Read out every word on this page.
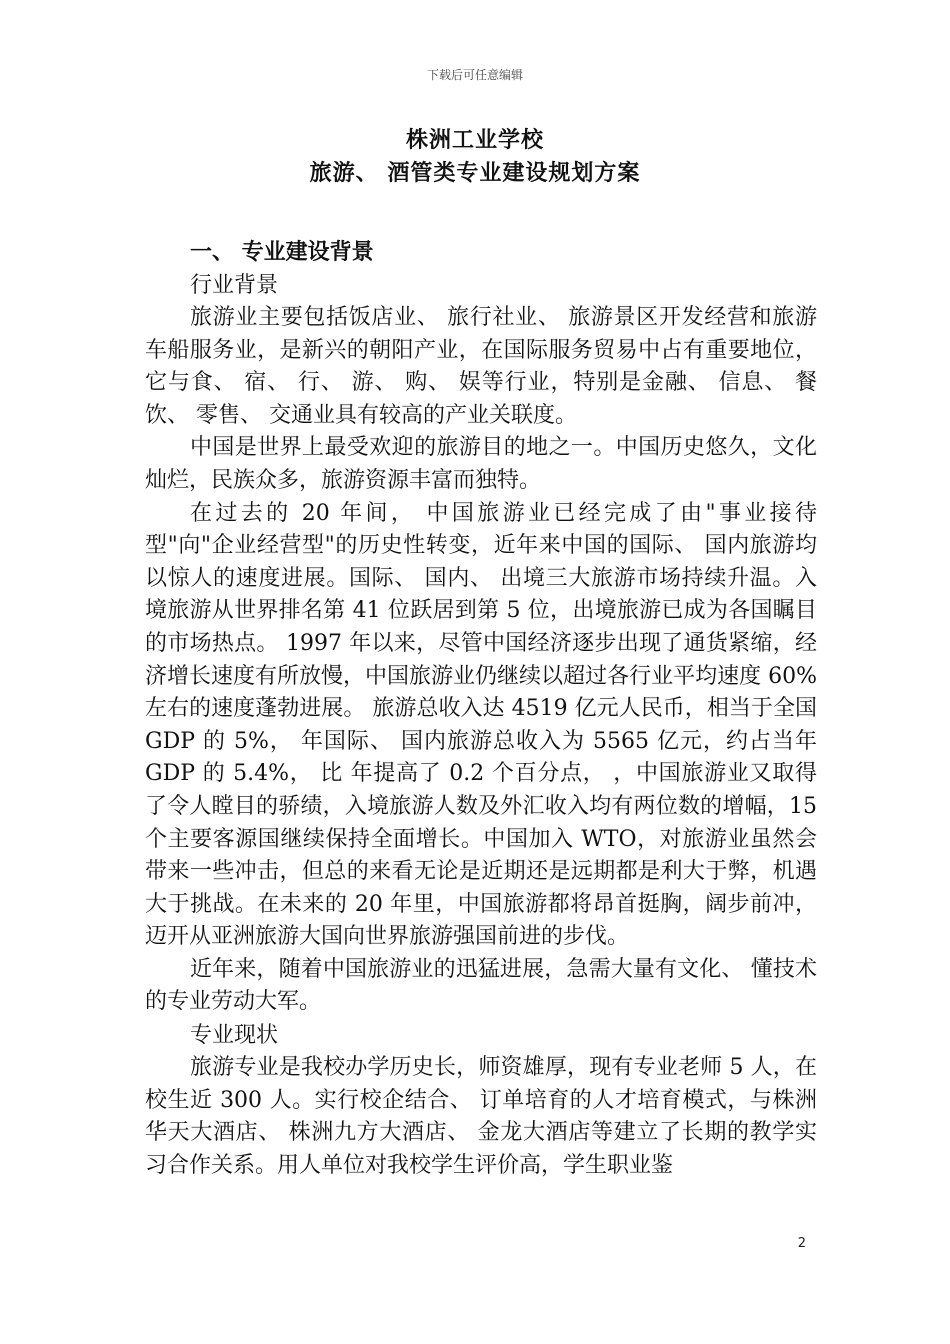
下载后可任意编辑
株洲工业学校
旅游、 酒管类专业建设规划方案
一、 专业建设背景
行业背景

旅游业主要包括饭店业、 旅行社业、 旅游景区开发经营和旅游车船服务业，是新兴的朝阳产业，在国际服务贸易中占有重要地位，它与食、 宿、 行、 游、 购、 娱等行业，特别是金融、 信息、 餐饮、 零售、 交通业具有较高的产业关联度。

中国是世界上最受欢迎的旅游目的地之一。中国历史悠久，文化灿烂，民族众多，旅游资源丰富而独特。

在过去的 20 年间， 中国旅游业已经完成了由"事业接待型"向"企业经营型"的历史性转变，近年来中国的国际、 国内旅游均以惊人的速度进展。国际、 国内、 出境三大旅游市场持续升温。入境旅游从世界排名第 41 位跃居到第 5 位，出境旅游已成为各国瞩目的市场热点。 1997 年以来，尽管中国经济逐步出现了通货紧缩，经济增长速度有所放慢，中国旅游业仍继续以超过各行业平均速度 60%左右的速度蓬勃进展。 旅游总收入达 4519 亿元人民币，相当于全国 GDP 的 5%， 年国际、 国内旅游总收入为 5565 亿元，约占当年 GDP 的 5.4%， 比 年提高了 0.2 个百分点， ，中国旅游业又取得了令人瞠目的骄绩，入境旅游人数及外汇收入均有两位数的增幅，15 个主要客源国继续保持全面增长。中国加入 WTO，对旅游业虽然会带来一些冲击，但总的来看无论是近期还是远期都是利大于弊，机遇大于挑战。在未来的 20 年里，中国旅游都将昂首挺胸，阔步前冲，迈开从亚洲旅游大国向世界旅游强国前进的步伐。

近年来，随着中国旅游业的迅猛进展，急需大量有文化、 懂技术的专业劳动大军。

专业现状

旅游专业是我校办学历史长，师资雄厚，现有专业老师 5 人，在校生近 300 人。实行校企结合、 订单培育的人才培育模式，与株洲华天大酒店、 株洲九方大酒店、 金龙大酒店等建立了长期的教学实习合作关系。用人单位对我校学生评价高，学生职业鉴

2
